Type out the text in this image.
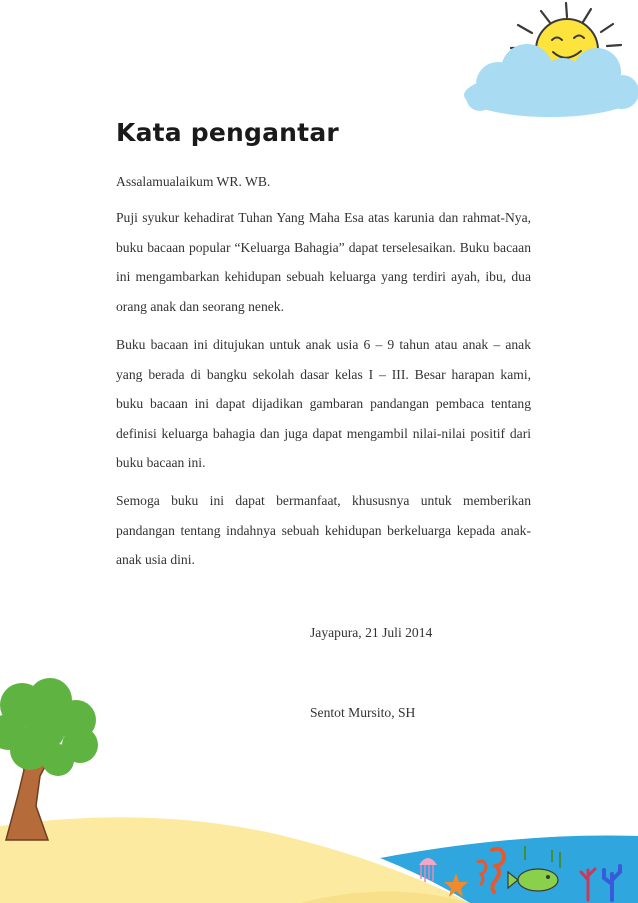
Kata pengantar

Assalamualaikum WR. WB.

Puji syukur kehadirat Tuhan Yang Maha Esa atas karunia dan rahmat-Nya, buku bacaan popular “Keluarga Bahagia” dapat terselesaikan. Buku bacaan ini mengambarkan kehidupan sebuah keluarga yang terdiri ayah, ibu, dua orang anak dan seorang nenek.

Buku bacaan ini ditujukan untuk anak usia 6 – 9 tahun atau anak – anak yang berada di bangku sekolah dasar kelas I – III. Besar harapan kami, buku bacaan ini dapat dijadikan gambaran pandangan pembaca tentang definisi keluarga bahagia dan juga dapat mengambil nilai-nilai positif dari buku bacaan ini.

Semoga buku ini dapat bermanfaat, khususnya untuk memberikan pandangan tentang indahnya sebuah kehidupan berkeluarga kepada anak-anak usia dini.

Jayapura, 21 Juli 2014

Sentot Mursito, SH
